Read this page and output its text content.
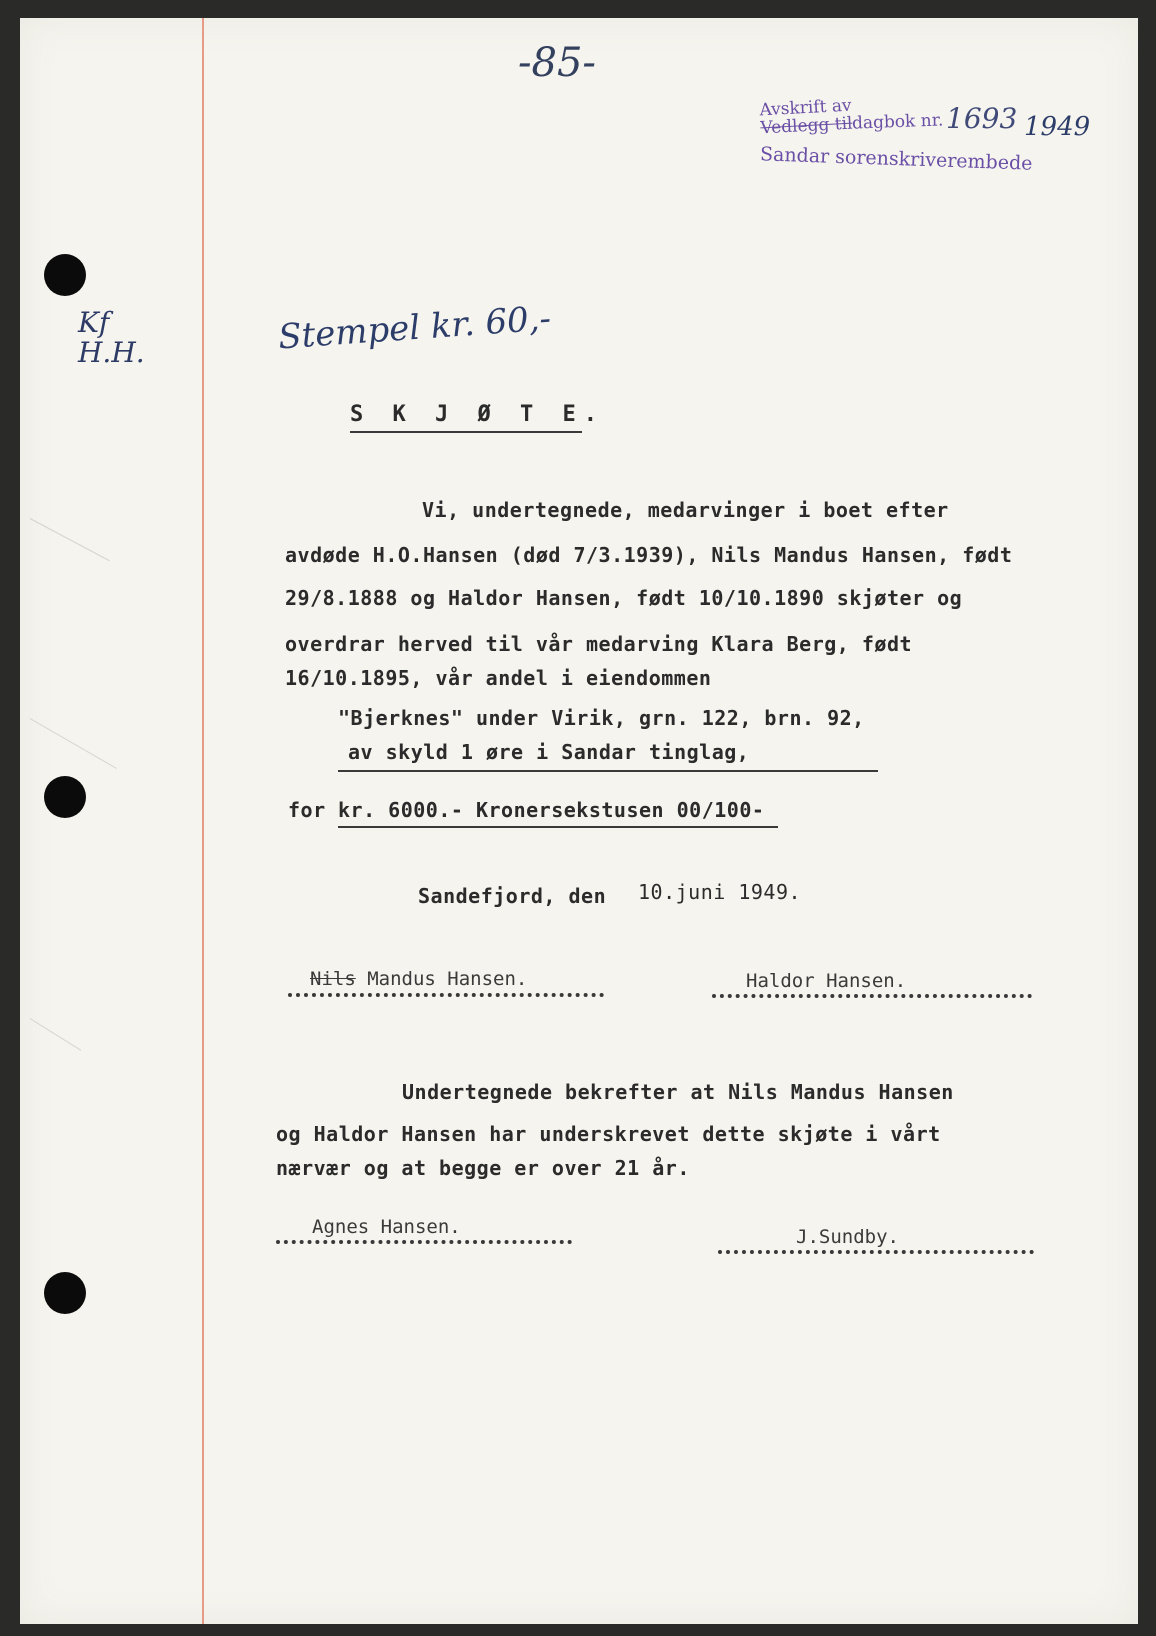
-85-
Avskrift av
Vedlegg til
dagbok nr. 1693 1949
Sandar sorenskriverembede
Kf
H.H.	Stempel kr. 60,-
S K J Ø T E.
Vi, undertegnede, medarvinger i boet efter
avdøde H.O.Hansen (død 7/3.1939), Nils Mandus Hansen, født
29/8.1888 og Haldor Hansen, født 10/10.1890 skjøter og
overdrar herved til vår medarving Klara Berg, født
16/10.1895, vår andel i eiendommen
"Bjerknes" under Virik, grn. 122, brn. 92,
av skyld 1 øre i Sandar tinglag,
for kr. 6000.- Kronersekstusen 00/100-
Sandefjord, den 10.juni 1949.
Nils Mandus Hansen.	Haldor Hansen.
Undertegnede bekrefter at Nils Mandus Hansen
og Haldor Hansen har underskrevet dette skjøte i vårt
nærvær og at begge er over 21 år.
Agnes Hansen.	J.Sundby.
